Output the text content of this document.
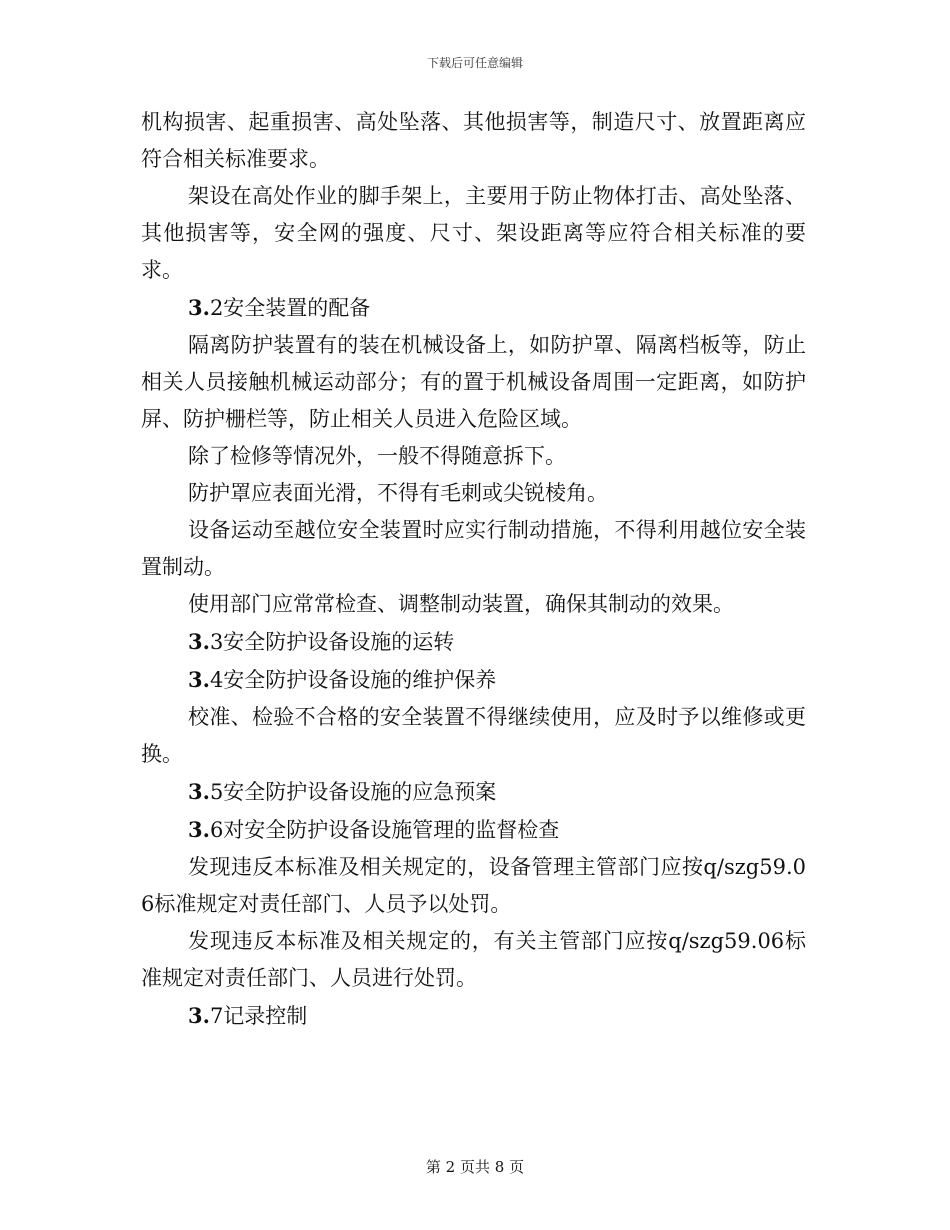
下载后可任意编辑

机构损害、起重损害、高处坠落、其他损害等，制造尺寸、放置距离应符合相关标准要求。

架设在高处作业的脚手架上，主要用于防止物体打击、高处坠落、其他损害等，安全网的强度、尺寸、架设距离等应符合相关标准的要求。

3.2安全装置的配备

隔离防护装置有的装在机械设备上，如防护罩、隔离档板等，防止相关人员接触机械运动部分；有的置于机械设备周围一定距离，如防护屏、防护栅栏等，防止相关人员进入危险区域。

除了检修等情况外，一般不得随意拆下。

防护罩应表面光滑，不得有毛刺或尖锐棱角。

设备运动至越位安全装置时应实行制动措施，不得利用越位安全装置制动。

使用部门应常常检查、调整制动装置，确保其制动的效果。

3.3安全防护设备设施的运转

3.4安全防护设备设施的维护保养

校准、检验不合格的安全装置不得继续使用，应及时予以维修或更换。

3.5安全防护设备设施的应急预案

3.6对安全防护设备设施管理的监督检查

发现违反本标准及相关规定的，设备管理主管部门应按q/szg59.06标准规定对责任部门、人员予以处罚。

发现违反本标准及相关规定的，有关主管部门应按q/szg59.06标准规定对责任部门、人员进行处罚。

3.7记录控制

第 2 页共 8 页
